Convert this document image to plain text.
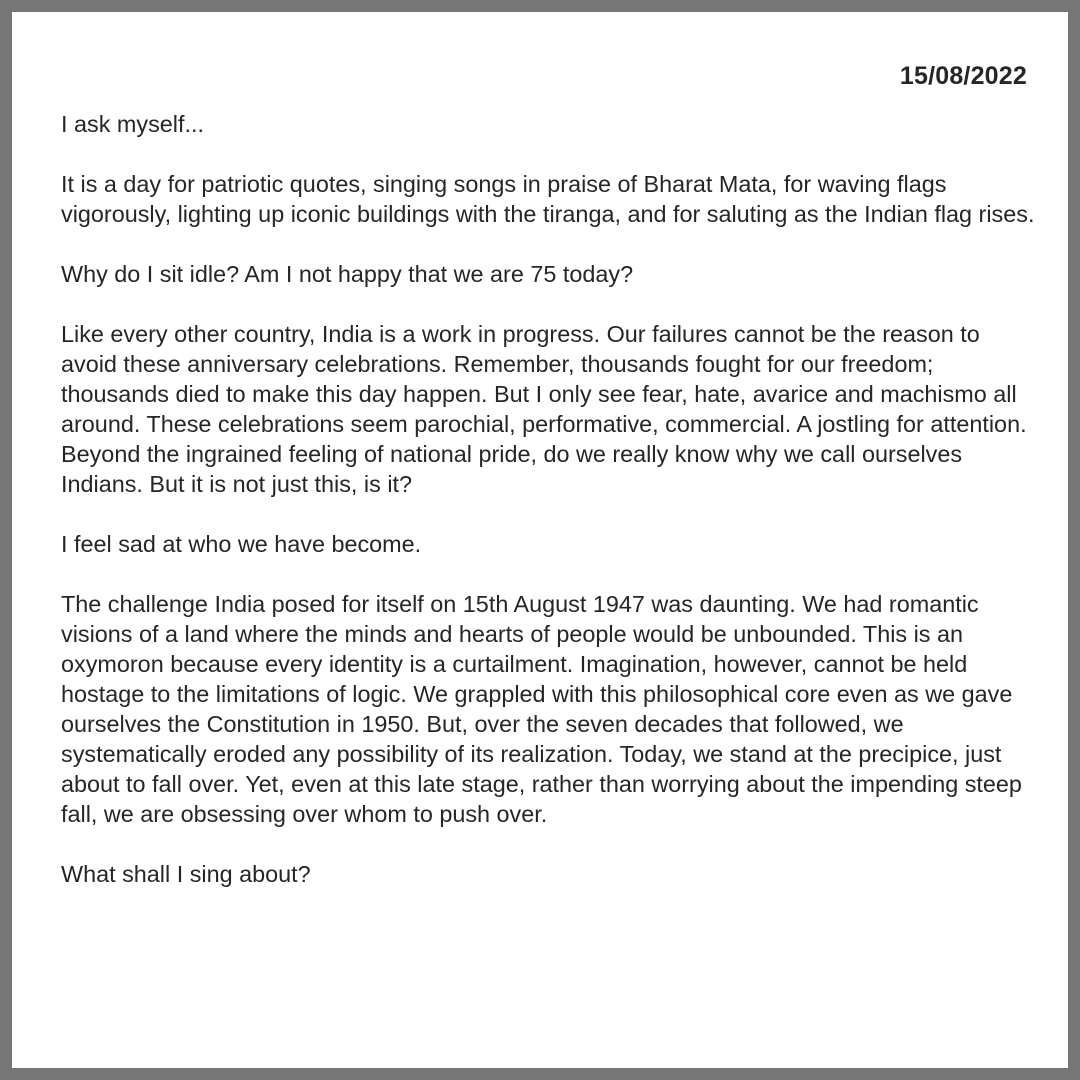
15/08/2022

I ask myself...

It is a day for patriotic quotes, singing songs in praise of Bharat Mata, for waving flags vigorously, lighting up iconic buildings with the tiranga, and for saluting as the Indian flag rises.

Why do I sit idle? Am I not happy that we are 75 today?

Like every other country, India is a work in progress. Our failures cannot be the reason to avoid these anniversary celebrations. Remember, thousands fought for our freedom; thousands died to make this day happen. But I only see fear, hate, avarice and machismo all around. These celebrations seem parochial, performative, commercial. A jostling for attention. Beyond the ingrained feeling of national pride, do we really know why we call ourselves Indians. But it is not just this, is it?

I feel sad at who we have become.

The challenge India posed for itself on 15th August 1947 was daunting. We had romantic visions of a land where the minds and hearts of people would be unbounded. This is an oxymoron because every identity is a curtailment. Imagination, however, cannot be held hostage to the limitations of logic. We grappled with this philosophical core even as we gave ourselves the Constitution in 1950. But, over the seven decades that followed, we systematically eroded any possibility of its realization. Today, we stand at the precipice, just about to fall over. Yet, even at this late stage, rather than worrying about the impending steep fall, we are obsessing over whom to push over.

What shall I sing about?
